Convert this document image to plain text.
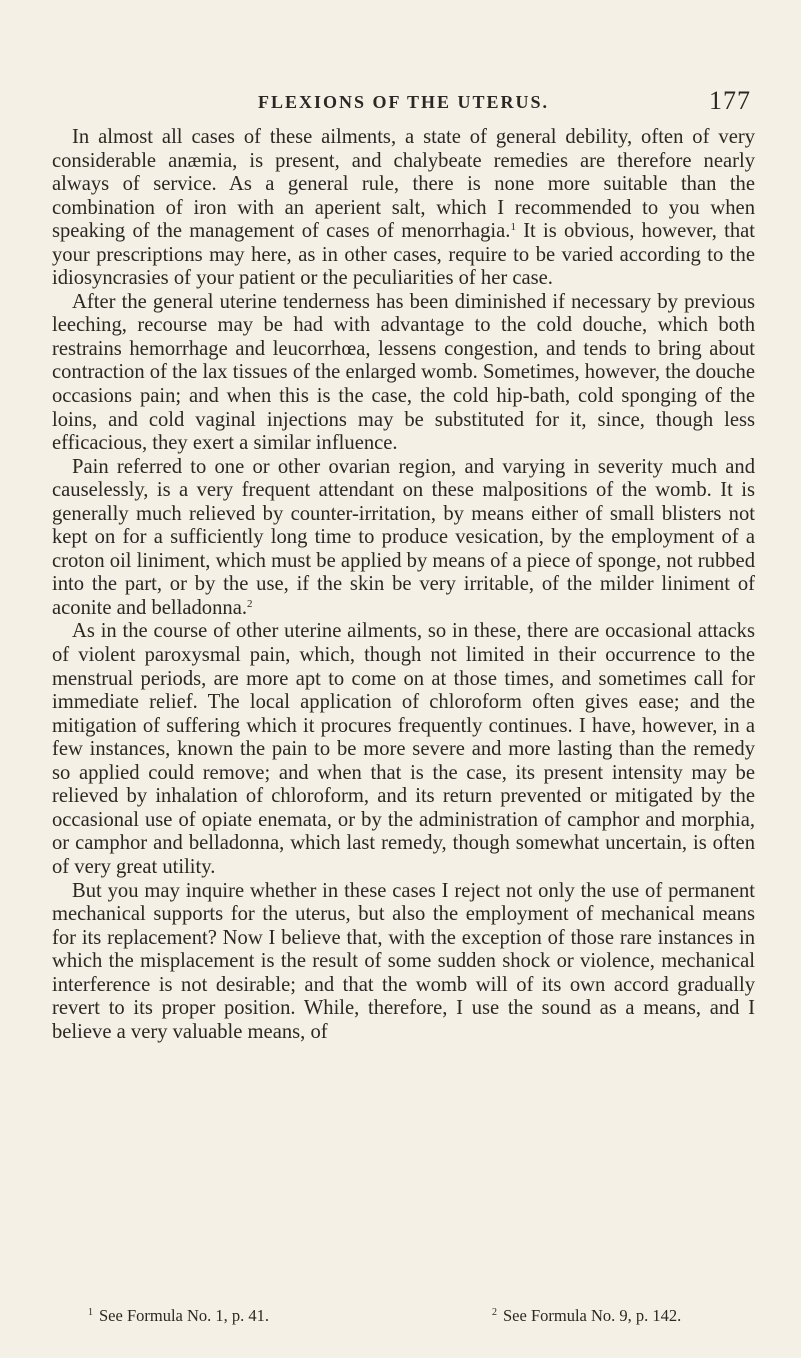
FLEXIONS OF THE UTERUS.	177

In almost all cases of these ailments, a state of general debility, often of very considerable anæmia, is present, and chalybeate remedies are therefore nearly always of service. As a general rule, there is none more suitable than the combination of iron with an aperient salt, which I recommended to you when speaking of the management of cases of menorrhagia.$^1$ It is obvious, however, that your prescriptions may here, as in other cases, require to be varied according to the idiosyncrasies of your patient or the peculiarities of her case.

After the general uterine tenderness has been diminished if necessary by previous leeching, recourse may be had with advantage to the cold douche, which both restrains hemorrhage and leucorrhœa, lessens congestion, and tends to bring about contraction of the lax tissues of the enlarged womb. Sometimes, however, the douche occasions pain; and when this is the case, the cold hip-bath, cold sponging of the loins, and cold vaginal injections may be substituted for it, since, though less efficacious, they exert a similar influence.

Pain referred to one or other ovarian region, and varying in severity much and causelessly, is a very frequent attendant on these malpositions of the womb. It is generally much relieved by counter-irritation, by means either of small blisters not kept on for a sufficiently long time to produce vesication, by the employment of a croton oil liniment, which must be applied by means of a piece of sponge, not rubbed into the part, or by the use, if the skin be very irritable, of the milder liniment of aconite and belladonna.$^2$

As in the course of other uterine ailments, so in these, there are occasional attacks of violent paroxysmal pain, which, though not limited in their occurrence to the menstrual periods, are more apt to come on at those times, and sometimes call for immediate relief. The local application of chloroform often gives ease; and the mitigation of suffering which it procures frequently continues. I have, however, in a few instances, known the pain to be more severe and more lasting than the remedy so applied could remove; and when that is the case, its present intensity may be relieved by inhalation of chloroform, and its return prevented or mitigated by the occasional use of opiate enemata, or by the administration of camphor and morphia, or camphor and belladonna, which last remedy, though somewhat uncertain, is often of very great utility.

But you may inquire whether in these cases I reject not only the use of permanent mechanical supports for the uterus, but also the employment of mechanical means for its replacement? Now I believe that, with the exception of those rare instances in which the misplacement is the result of some sudden shock or violence, mechanical interference is not desirable; and that the womb will of its own accord gradually revert to its proper position. While, therefore, I use the sound as a means, and I believe a very valuable means, of

$^1$ See Formula No. 1, p. 41.	$^2$ See Formula No. 9, p. 142.
